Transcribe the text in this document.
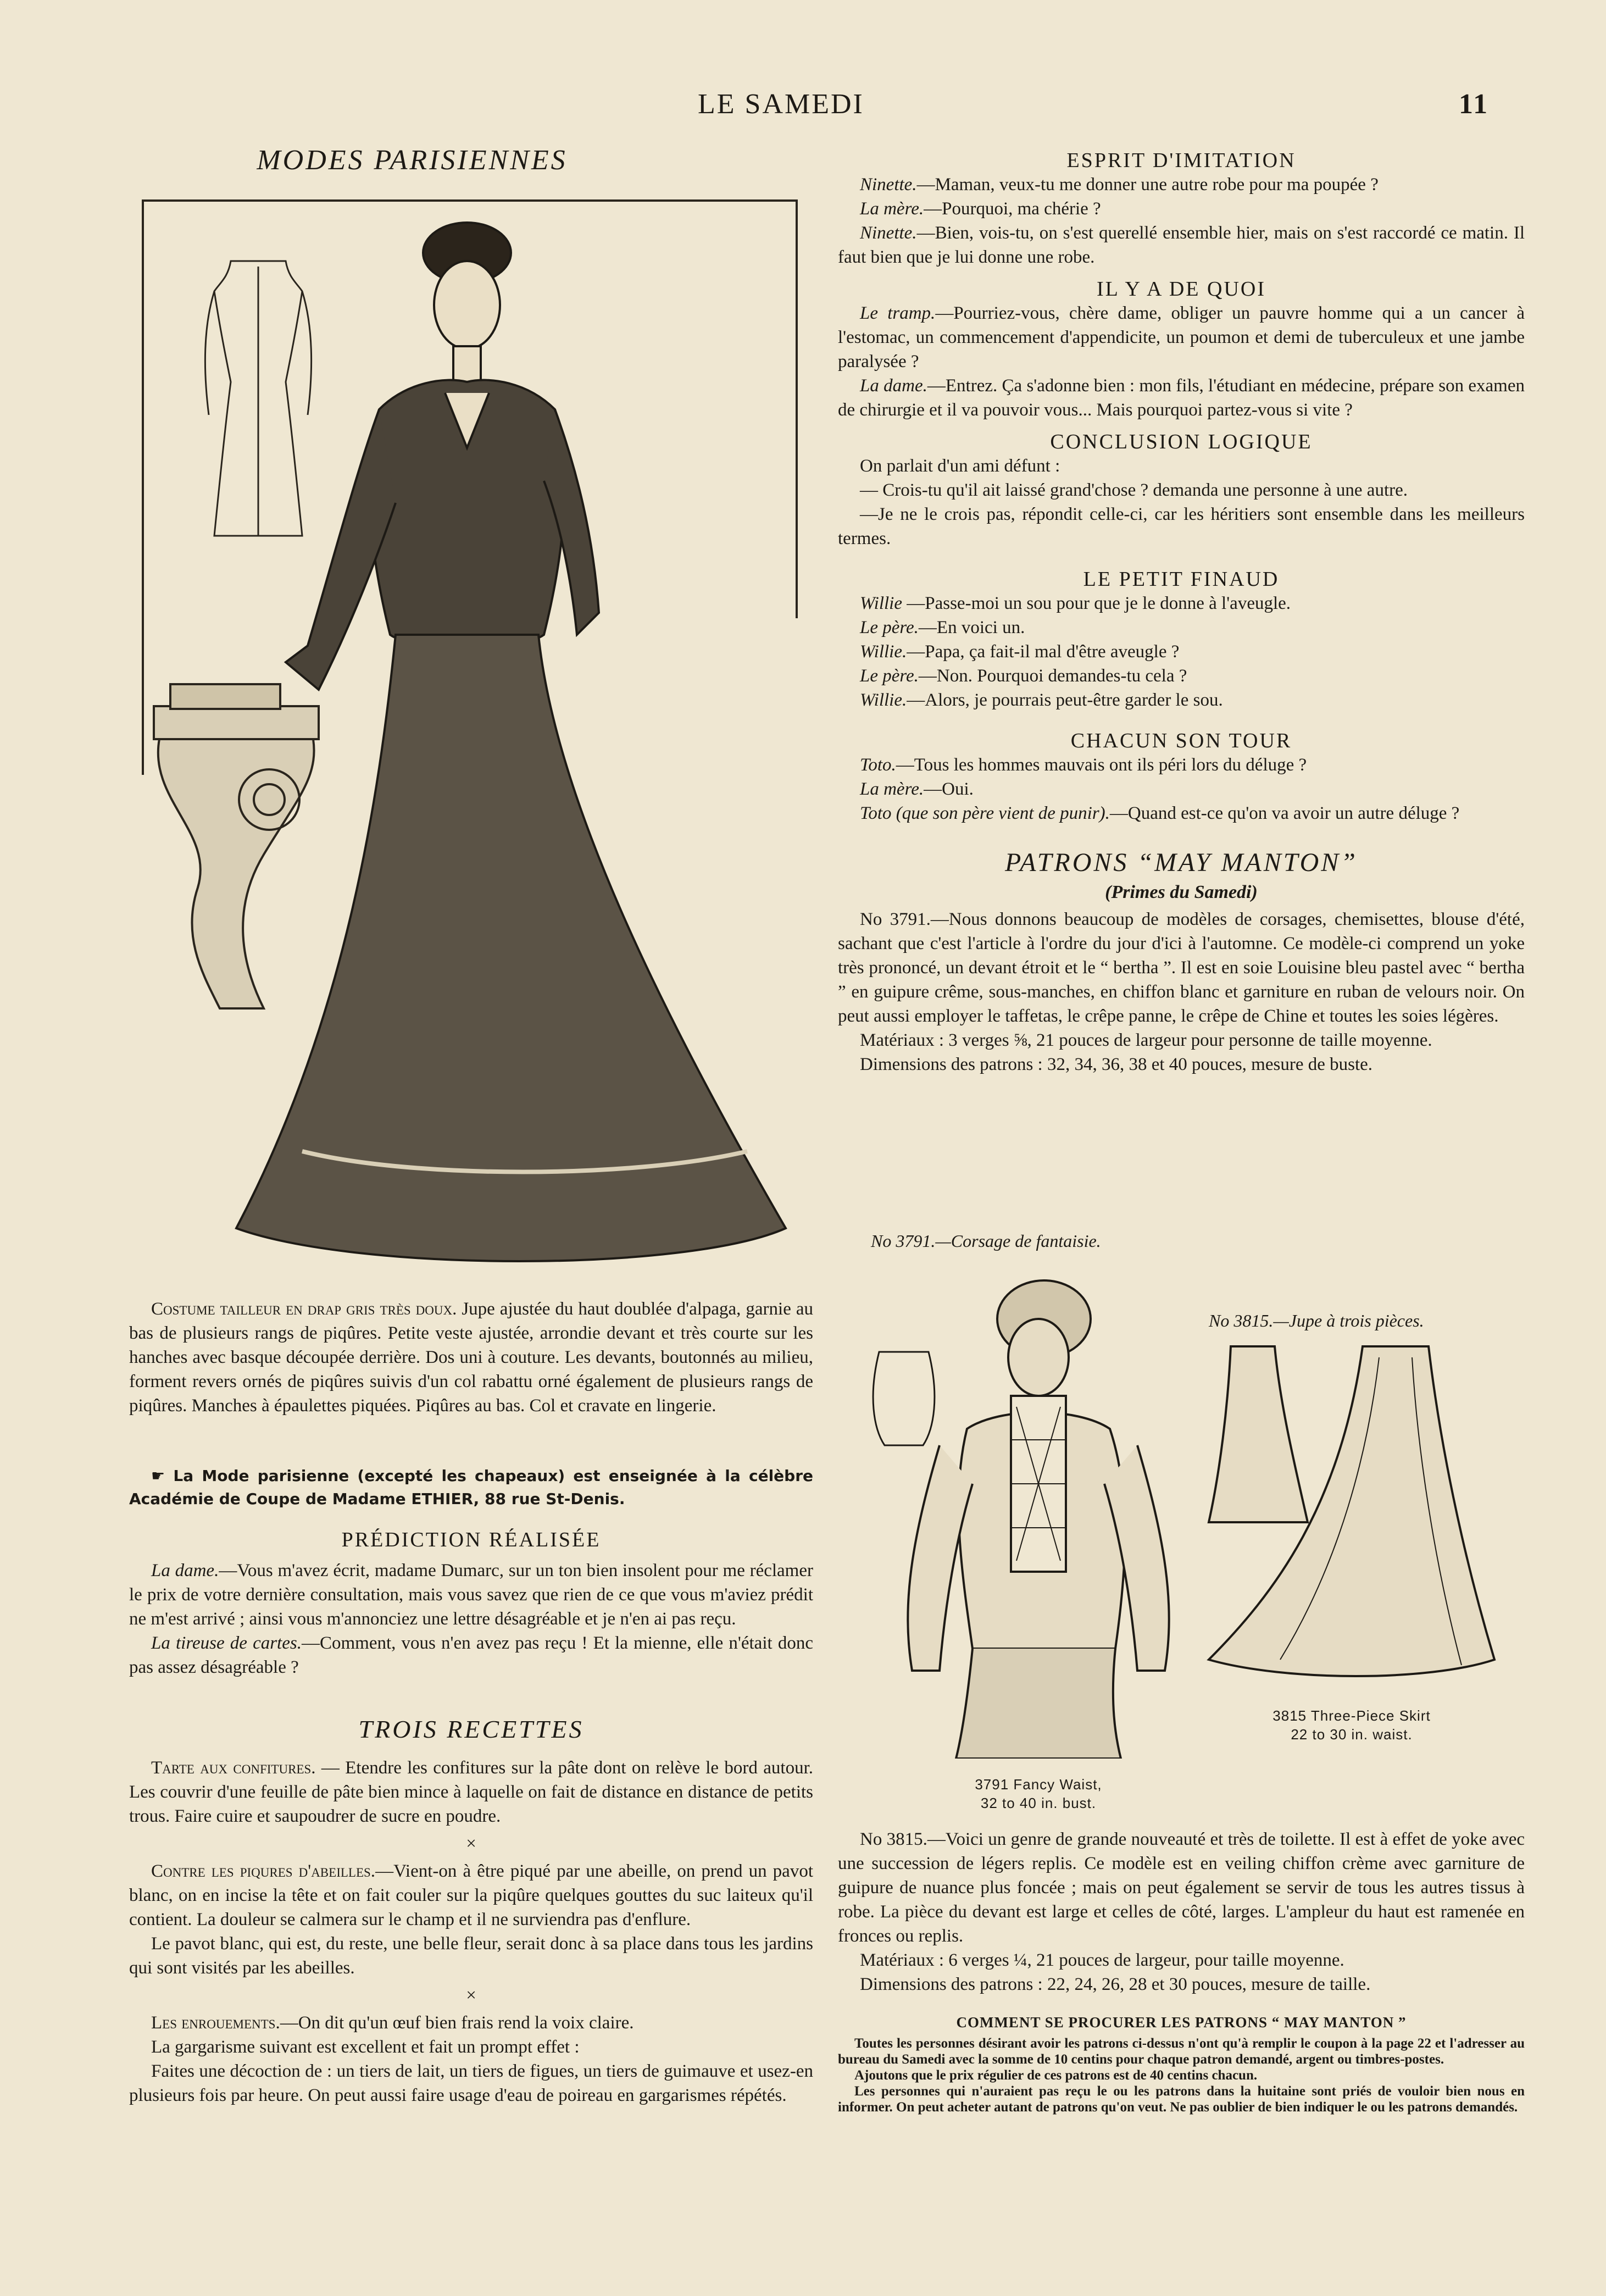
LE SAMEDI	11
MODES PARISIENNES

Costume tailleur en drap gris très doux. Jupe ajustée du haut doublée d'alpaga, garnie au bas de plusieurs rangs de piqûres. Petite veste ajustée, arrondie devant et très courte sur les hanches avec basque découpée derrière. Dos uni à couture. Les devants, boutonnés au milieu, forment revers ornés de piqûres suivis d'un col rabattu orné également de plusieurs rangs de piqûres. Manches à épaulettes piquées. Piqûres au bas. Col et cravate en lingerie.

☛ La Mode parisienne (excepté les chapeaux) est enseignée à la célèbre Académie de Coupe de Madame ETHIER, 88 rue St-Denis.

PRÉDICTION RÉALISÉE

La dame.—Vous m'avez écrit, madame Dumarc, sur un ton bien insolent pour me réclamer le prix de votre dernière consultation, mais vous savez que rien de ce que vous m'aviez prédit ne m'est arrivé ; ainsi vous m'annonciez une lettre désagréable et je n'en ai pas reçu.

La tireuse de cartes.—Comment, vous n'en avez pas reçu ! Et la mienne, elle n'était donc pas assez désagréable ?

TROIS RECETTES

Tarte aux confitures. — Etendre les confitures sur la pâte dont on relève le bord autour. Les couvrir d'une feuille de pâte bien mince à laquelle on fait de distance en distance de petits trous. Faire cuire et saupoudrer de sucre en poudre.

×

Contre les piqures d'abeilles.—Vient-on à être piqué par une abeille, on prend un pavot blanc, on en incise la tête et on fait couler sur la piqûre quelques gouttes du suc laiteux qu'il contient. La douleur se calmera sur le champ et il ne surviendra pas d'enflure.

Le pavot blanc, qui est, du reste, une belle fleur, serait donc à sa place dans tous les jardins qui sont visités par les abeilles.

×

Les enrouements.—On dit qu'un œuf bien frais rend la voix claire.

La gargarisme suivant est excellent et fait un prompt effet :

Faites une décoction de : un tiers de lait, un tiers de figues, un tiers de guimauve et usez-en plusieurs fois par heure. On peut aussi faire usage d'eau de poireau en gargarismes répétés.

ESPRIT D'IMITATION

Ninette.—Maman, veux-tu me donner une autre robe pour ma poupée ?

La mère.—Pourquoi, ma chérie ?

Ninette.—Bien, vois-tu, on s'est querellé ensemble hier, mais on s'est raccordé ce matin. Il faut bien que je lui donne une robe.

IL Y A DE QUOI

Le tramp.—Pourriez-vous, chère dame, obliger un pauvre homme qui a un cancer à l'estomac, un commencement d'appendicite, un poumon et demi de tuberculeux et une jambe paralysée ?

La dame.—Entrez. Ça s'adonne bien : mon fils, l'étudiant en médecine, prépare son examen de chirurgie et il va pouvoir vous... Mais pourquoi partez-vous si vite ?

CONCLUSION LOGIQUE

On parlait d'un ami défunt :

— Crois-tu qu'il ait laissé grand'chose ? demanda une personne à une autre.

—Je ne le crois pas, répondit celle-ci, car les héritiers sont ensemble dans les meilleurs termes.

LE PETIT FINAUD

Willie —Passe-moi un sou pour que je le donne à l'aveugle.

Le père.—En voici un.

Willie.—Papa, ça fait-il mal d'être aveugle ?

Le père.—Non. Pourquoi demandes-tu cela ?

Willie.—Alors, je pourrais peut-être garder le sou.

CHACUN SON TOUR

Toto.—Tous les hommes mauvais ont ils péri lors du déluge ?

La mère.—Oui.

Toto (que son père vient de punir).—Quand est-ce qu'on va avoir un autre déluge ?

PATRONS “MAY MANTON”
(Primes du Samedi)

No 3791.—Nous donnons beaucoup de modèles de corsages, chemisettes, blouse d'été, sachant que c'est l'article à l'ordre du jour d'ici à l'automne. Ce modèle-ci comprend un yoke très prononcé, un devant étroit et le “ bertha ”. Il est en soie Louisine bleu pastel avec “ bertha ” en guipure crême, sous-manches, en chiffon blanc et garniture en ruban de velours noir. On peut aussi employer le taffetas, le crêpe panne, le crêpe de Chine et toutes les soies légères.

Matériaux : 3 verges ⅝, 21 pouces de largeur pour personne de taille moyenne.

Dimensions des patrons : 32, 34, 36, 38 et 40 pouces, mesure de buste.

No 3791.—Corsage de fantaisie.
No 3815.—Jupe à trois pièces.
3815 Three-Piece Skirt
22 to 30 in. waist.
3791 Fancy Waist,
32 to 40 in. bust.

No 3815.—Voici un genre de grande nouveauté et très de toilette. Il est à effet de yoke avec une succession de légers replis. Ce modèle est en veiling chiffon crème avec garniture de guipure de nuance plus foncée ; mais on peut également se servir de tous les autres tissus à robe. La pièce du devant est large et celles de côté, larges. L'ampleur du haut est ramenée en fronces ou replis.

Matériaux : 6 verges ¼, 21 pouces de largeur, pour taille moyenne.

Dimensions des patrons : 22, 24, 26, 28 et 30 pouces, mesure de taille.

COMMENT SE PROCURER LES PATRONS “ MAY MANTON ”

Toutes les personnes désirant avoir les patrons ci-dessus n'ont qu'à remplir le coupon à la page 22 et l'adresser au bureau du Samedi avec la somme de 10 centins pour chaque patron demandé, argent ou timbres-postes.

Ajoutons que le prix régulier de ces patrons est de 40 centins chacun.

Les personnes qui n'auraient pas reçu le ou les patrons dans la huitaine sont priés de vouloir bien nous en informer. On peut acheter autant de patrons qu'on veut. Ne pas oublier de bien indiquer le ou les patrons demandés.
